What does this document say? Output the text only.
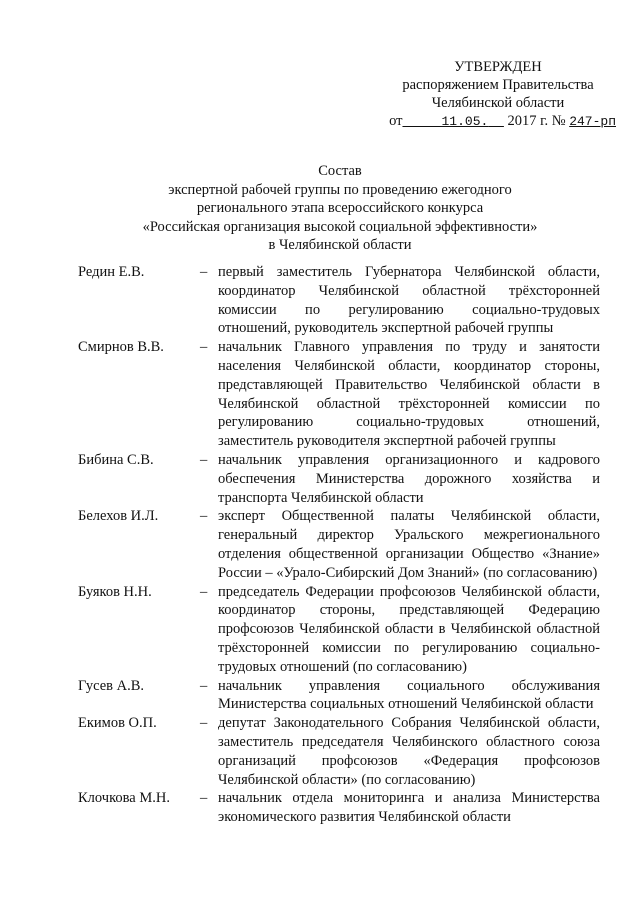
УТВЕРЖДЕН
распоряжением Правительства
Челябинской области
от	11.05. 2017 г. № 247-рп
Состав
экспертной рабочей группы по проведению ежегодного
регионального этапа всероссийского конкурса
«Российская организация высокой социальной эффективности»
в Челябинской области
Редин Е.В.	– первый заместитель Губернатора Челябинской области, координатор Челябинской областной трёхсторонней комиссии по регулированию социально-трудовых отношений, руководитель экспертной рабочей группы
Смирнов В.В.	– начальник Главного управления по труду и занятости населения Челябинской области, координатор стороны, представляющей Правительство Челябинской области в Челябинской областной трёхсторонней комиссии по регулированию социально-трудовых отношений, заместитель руководителя экспертной рабочей группы
Бибина С.В.	– начальник управления организационного и кадрового обеспечения Министерства дорожного хозяйства и транспорта Челябинской области
Белехов И.Л.	– эксперт Общественной палаты Челябинской области, генеральный директор Уральского межрегионального отделения общественной организации Общество «Знание» России – «Урало-Сибирский Дом Знаний» (по согласованию)
Буяков Н.Н.	– председатель Федерации профсоюзов Челябинской области, координатор стороны, представляющей Федерацию профсоюзов Челябинской области в Челябинской областной трёхсторонней комиссии по регулированию социально-трудовых отношений (по согласованию)
Гусев А.В.	– начальник управления социального обслуживания Министерства социальных отношений Челябинской области
Екимов О.П.	– депутат Законодательного Собрания Челябинской области, заместитель председателя Челябинского областного союза организаций профсоюзов «Федерация профсоюзов Челябинской области» (по согласованию)
Клочкова М.Н.	– начальник отдела мониторинга и анализа Министерства экономического развития Челябинской области
